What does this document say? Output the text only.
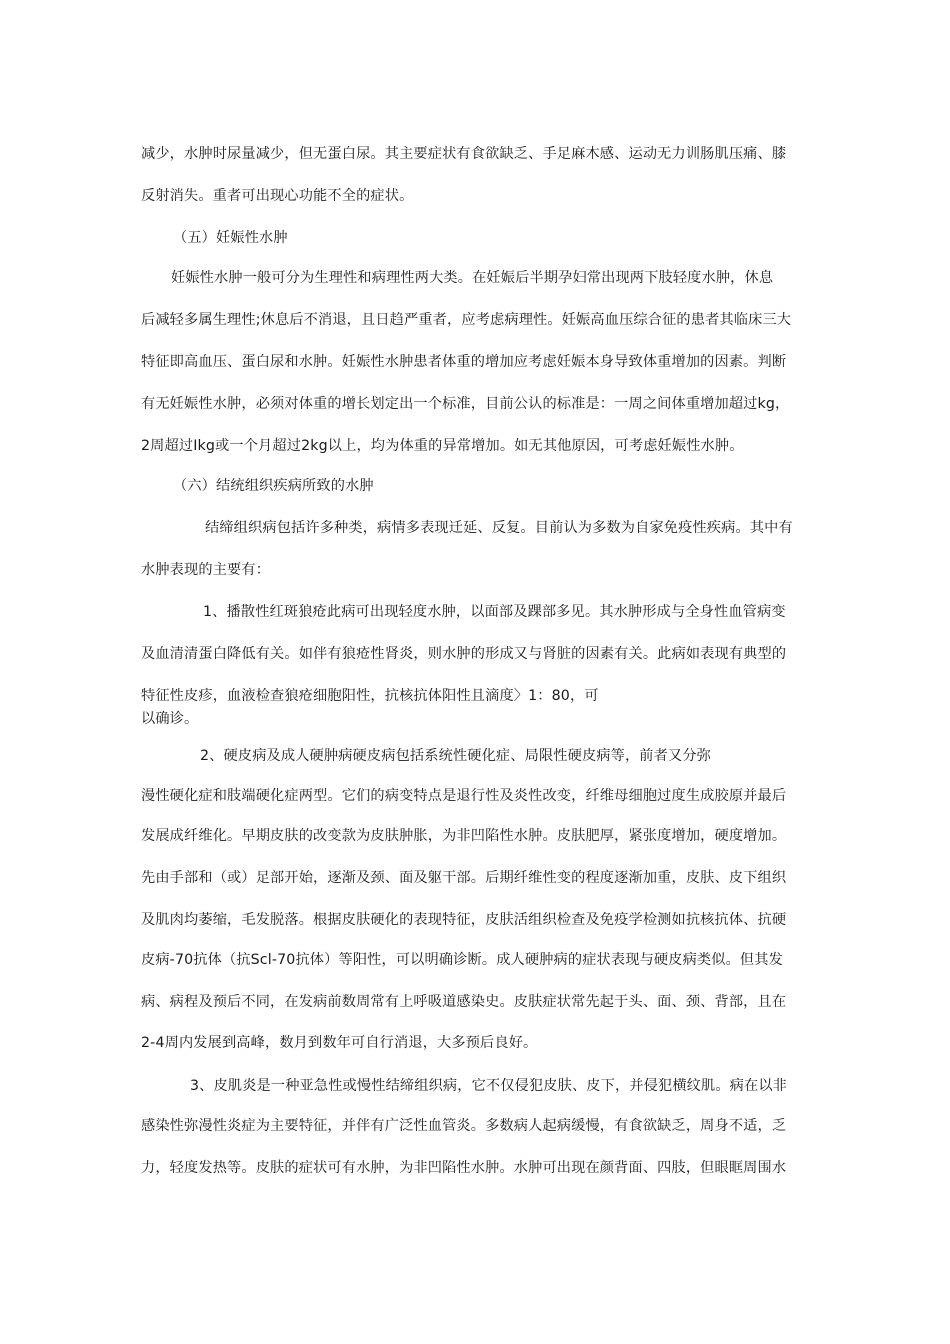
减少，水肿时尿量减少，但无蛋白尿。其主要症状有食欲缺乏、手足麻木感、运动无力训肠肌压痛、膝
反射消失。重者可出现心功能不全的症状。
（五）妊娠性水肿
妊娠性水肿一般可分为生理性和病理性两大类。在妊娠后半期孕妇常出现两下肢轻度水肿，休息
后减轻多属生理性;休息后不消退，且日趋严重者，应考虑病理性。妊娠高血压综合征的患者其临床三大
特征即高血压、蛋白尿和水肿。妊娠性水肿患者体重的增加应考虑妊娠本身导致体重增加的因素。判断
有无妊娠性水肿，必须对体重的增长划定出一个标准，目前公认的标准是：一周之间体重增加超过kg，
2周超过Ikg或一个月超过2kg以上，均为体重的异常增加。如无其他原因，可考虑妊娠性水肿。
（六）结统组织疾病所致的水肿
结缔组织病包括许多种类，病情多表现迁延、反复。目前认为多数为自家免疫性疾病。其中有
水肿表现的主要有：
1、播散性红斑狼疮此病可出现轻度水肿，以面部及踝部多见。其水肿形成与全身性血管病变
及血清清蛋白降低有关。如伴有狼疮性肾炎，则水肿的形成又与肾脏的因素有关。此病如表现有典型的
特征性皮疹，血液检查狼疮细胞阳性，抗核抗体阳性且滴度〉1：80，可
以确诊。
2、硬皮病及成人硬肿病硬皮病包括系统性硬化症、局限性硬皮病等，前者又分弥
漫性硬化症和肢端硬化症两型。它们的病变特点是退行性及炎性改变，纤维母细胞过度生成胶原并最后
发展成纤维化。早期皮肤的改变款为皮肤肿胀，为非凹陷性水肿。皮肤肥厚，紧张度增加，硬度增加。
先由手部和（或）足部开始，逐渐及颈、面及躯干部。后期纤维性变的程度逐渐加重，皮肤、皮下组织
及肌肉均萎缩，毛发脱落。根据皮肤硬化的表现特征，皮肤活组织检查及免疫学检测如抗核抗体、抗硬
皮病-70抗体（抗Scl-70抗体）等阳性，可以明确诊断。成人硬肿病的症状表现与硬皮病类似。但其发
病、病程及预后不同，在发病前数周常有上呼吸道感染史。皮肤症状常先起于头、面、颈、背部，且在
2-4周内发展到高峰，数月到数年可自行消退，大多预后良好。
3、皮肌炎是一种亚急性或慢性结缔组织病，它不仅侵犯皮肤、皮下，并侵犯横纹肌。病在以非
感染性弥漫性炎症为主要特征，并伴有广泛性血管炎。多数病人起病缓慢，有食欲缺乏，周身不适，乏
力，轻度发热等。皮肤的症状可有水肿，为非凹陷性水肿。水肿可出现在颜背面、四肢，但眼眶周围水
